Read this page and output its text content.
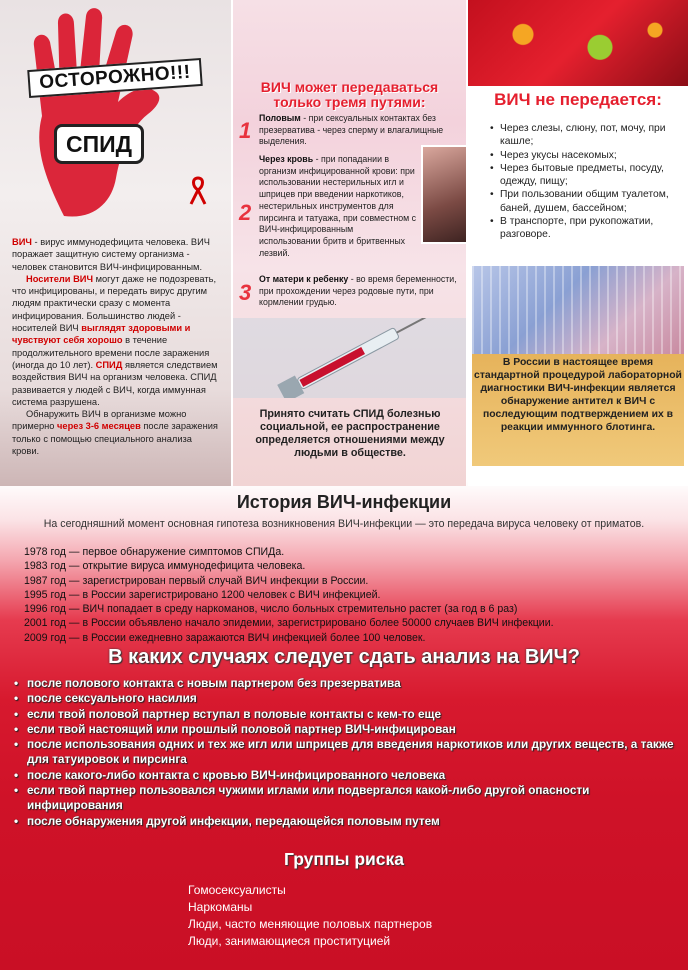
ОСТОРОЖНО!!!
СПИД

ВИЧ - вирус иммунодефицита человека. ВИЧ поражает защитную систему организма - человек становится ВИЧ-инфицированным.

Носители ВИЧ могут даже не подозревать, что инфицированы, и передать вирус другим людям практически сразу с момента инфицирования. Большинство людей - носителей ВИЧ выглядят здоровыми и чувствуют себя хорошо в течение продолжительного времени после заражения (иногда до 10 лет). СПИД является следствием воздействия ВИЧ на организм человека. СПИД развивается у людей с ВИЧ, когда иммунная система разрушена.

Обнаружить ВИЧ в организме можно примерно через 3-6 месяцев после заражения только с помощью специального анализа крови.

ВИЧ может передаваться
только тремя путями:
1
2
3
Половым - при сексуальных контактах без презерватива - через сперму и влагалищные выделения.
Через кровь - при попадании в организм инфицированной крови: при использовании нестерильных игл и шприцев при введении наркотиков, нестерильных инструментов для пирсинга и татуажа, при совместном с ВИЧ-инфицированным использовании бритв и бритвенных лезвий.
От матери к ребенку - во время беременности, при прохождении через родовые пути, при кормлении грудью.
Принято считать СПИД болезнью социальной, ее распространение определяется отношениями между людьми в обществе.
ВИЧ не передается:
• Через слезы, слюну, пот, мочу, при кашле;
• Через укусы насекомых;
• Через бытовые предметы, посуду, одежду, пищу;
• При пользовании общим туалетом, баней, душем, бассейном;
• В транспорте, при рукопожатии, разговоре.
В России в настоящее время стандартной процедурой лабораторной диагностики ВИЧ-инфекции является обнаружение антител к ВИЧ с последующим подтверждением их в реакции иммунного блотинга.
История ВИЧ-инфекции
На сегодняшний момент основная гипотеза возникновения ВИЧ-инфекции — это передача вируса человеку от приматов.
1978 год — первое обнаружение симптомов СПИДа.
1983 год — открытие вируса иммунодефицита человека.
1987 год — зарегистрирован первый случай ВИЧ инфекции в России.
1995 год — в России зарегистрировано 1200 человек с ВИЧ инфекцией.
1996 год — ВИЧ попадает в среду наркоманов, число больных стремительно растет (за год в 6 раз)
2001 год — в России объявлено начало эпидемии, зарегистрировано более 50000 случаев ВИЧ инфекции.
2009 год — в России ежедневно заражаются ВИЧ инфекцией более 100 человек.
В каких случаях следует сдать анализ на ВИЧ?
• после полового контакта с новым партнером без презерватива
• после сексуального насилия
• если твой половой партнер вступал в половые контакты с кем-то еще
• если твой настоящий или прошлый половой партнер ВИЧ-инфицирован
• после использования одних и тех же игл или шприцев для введения наркотиков или других веществ, а также для татуировок и пирсинга
• после какого-либо контакта с кровью ВИЧ-инфицированного человека
• если твой партнер пользовался чужими иглами или подвергался какой-либо другой опасности инфицирования
• после обнаружения другой инфекции, передающейся половым путем
Группы риска
Гомосексуалисты
Наркоманы
Люди, часто меняющие половых партнеров
Люди, занимающиеся проституцией
